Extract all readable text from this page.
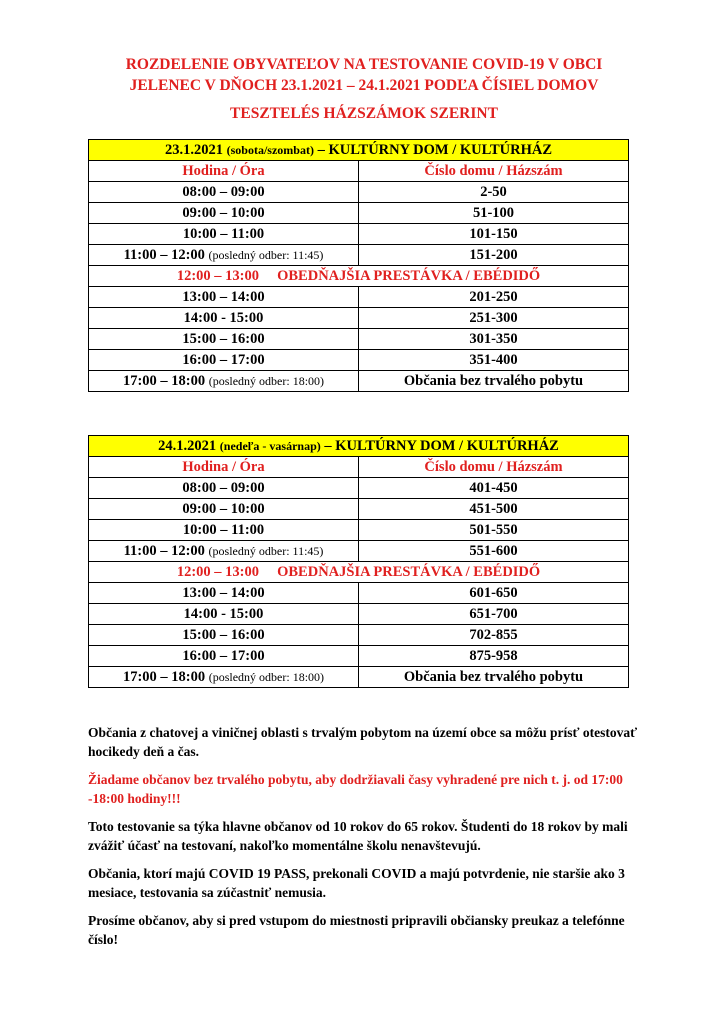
ROZDELENIE OBYVATEĽOV NA TESTOVANIE COVID-19 V OBCI
JELENEC V DŇOCH 23.1.2021 – 24.1.2021 PODĽA ČÍSIEL DOMOV
TESZTELÉS HÁZSZÁMOK SZERINT
23.1.2021 (sobota/szombat) – KULTÚRNY DOM / KULTÚRHÁZ	
Hodina / Óra	Číslo domu / Házszám
08:00 – 09:00	2-50
09:00 – 10:00	51-100
10:00 – 11:00	101-150
11:00 – 12:00 (posledný odber: 11:45)	151-200
12:00 – 13:00 OBEDŇAJŠIA PRESTÁVKA / EBÉDIDŐ	
13:00 – 14:00	201-250
14:00 - 15:00	251-300
15:00 – 16:00	301-350
16:00 – 17:00	351-400
17:00 – 18:00 (posledný odber: 18:00)	Občania bez trvalého pobytu
24.1.2021 (nedeľa - vasárnap) – KULTÚRNY DOM / KULTÚRHÁZ	
Hodina / Óra	Číslo domu / Házszám
08:00 – 09:00	401-450
09:00 – 10:00	451-500
10:00 – 11:00	501-550
11:00 – 12:00 (posledný odber: 11:45)	551-600
12:00 – 13:00 OBEDŇAJŠIA PRESTÁVKA / EBÉDIDŐ	
13:00 – 14:00	601-650
14:00 - 15:00	651-700
15:00 – 16:00	702-855
16:00 – 17:00	875-958
17:00 – 18:00 (posledný odber: 18:00)	Občania bez trvalého pobytu
Občania z chatovej a viničnej oblasti s trvalým pobytom na území obce sa môžu prísť otestovať hocikedy deň a čas.
Žiadame občanov bez trvalého pobytu, aby dodržiavali časy vyhradené pre nich t. j. od 17:00 -18:00 hodiny!!!
Toto testovanie sa týka hlavne občanov od 10 rokov do 65 rokov. Študenti do 18 rokov by mali zvážiť účasť na testovaní, nakoľko momentálne školu nenavštevujú.
Občania, ktorí majú COVID 19 PASS, prekonali COVID a majú potvrdenie, nie staršie ako 3 mesiace, testovania sa zúčastniť nemusia.
Prosíme občanov, aby si pred vstupom do miestnosti pripravili občiansky preukaz a telefónne číslo!
